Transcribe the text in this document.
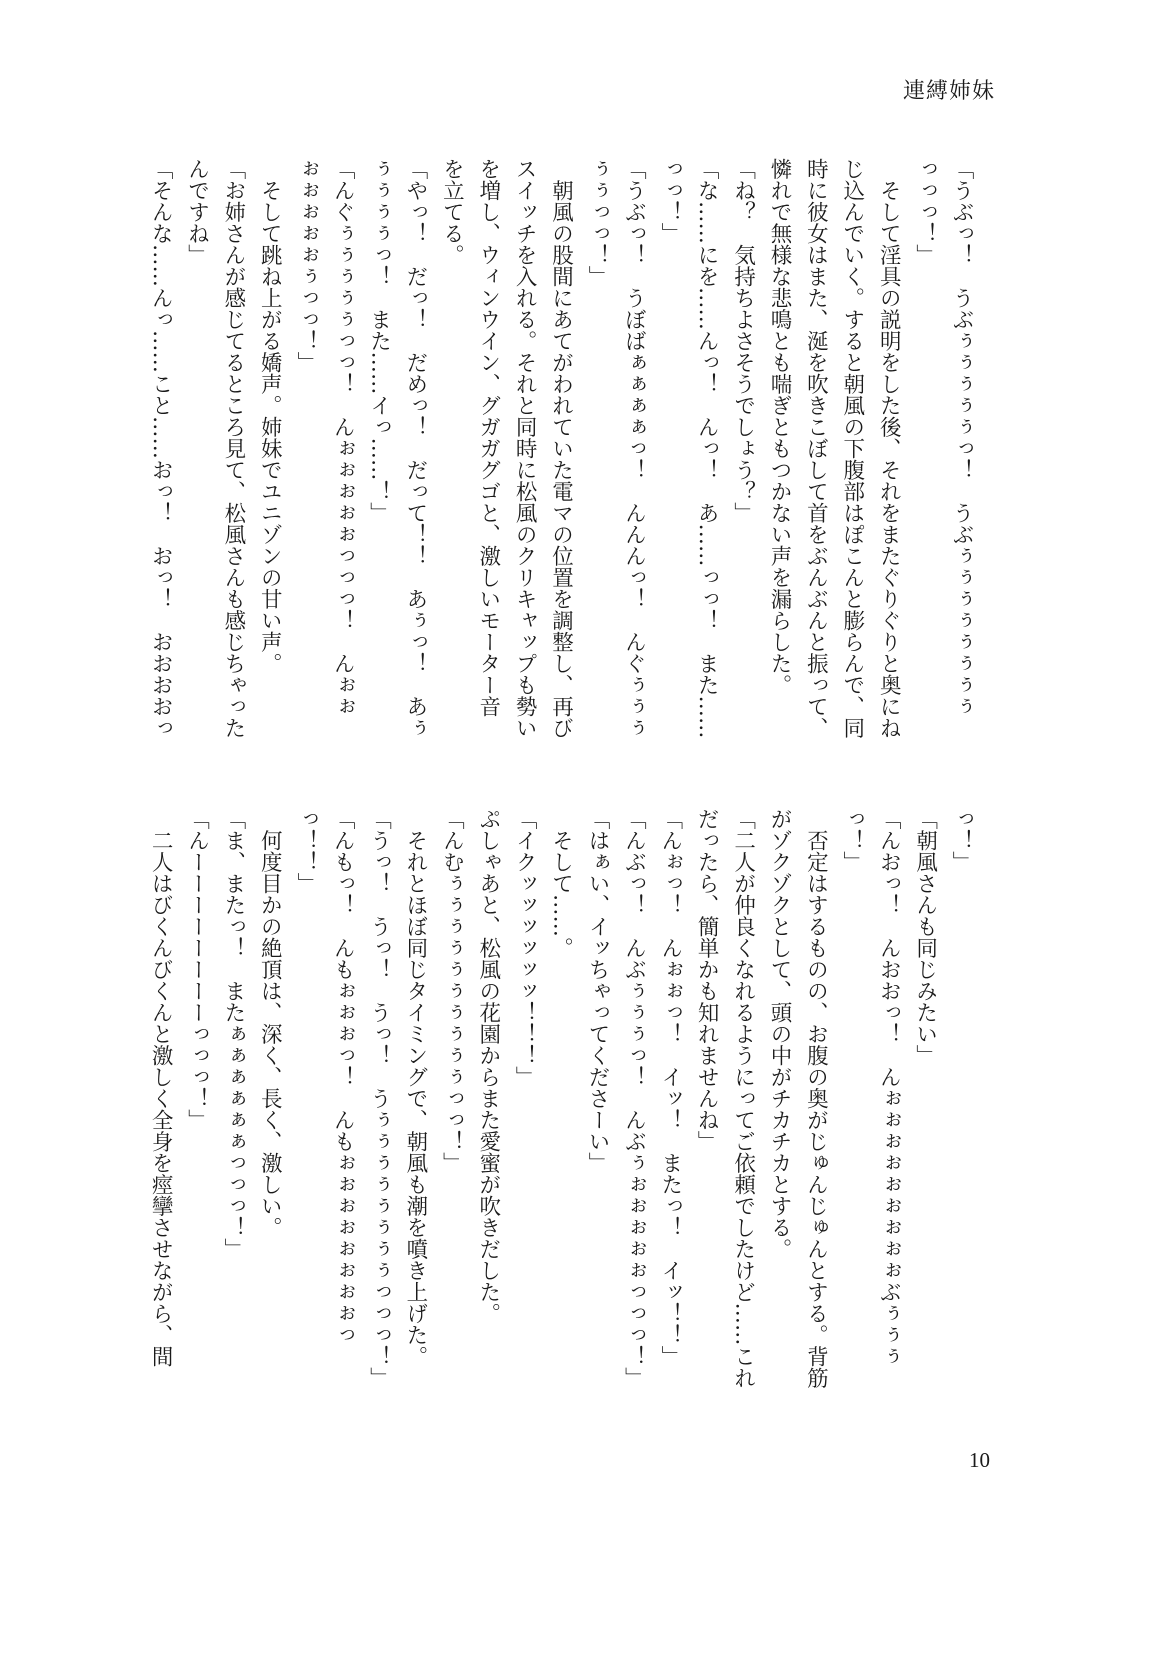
連縛姉妹

「うぶっ！　うぶぅぅぅぅぅっ！　うぶぅぅぅぅぅぅぅぅ

っっっ！」

　そして淫具の説明をした後、それをまたぐりぐりと奥にね

じ込んでいく。すると朝風の下腹部はぽこんと膨らんで、同

時に彼女はまた、涎を吹きこぼして首をぶんぶんと振って、

憐れで無様な悲鳴とも喘ぎともつかない声を漏らした。

「ね？　気持ちよさそうでしょう？」

「な……にを……んっ！　んっ！　あ……っっ！　また……

っっ！」

「うぶっ！　うぼばぁぁぁぁっ！　んんんっ！　んぐぅぅぅ

ぅぅっっ！」

　朝風の股間にあてがわれていた電マの位置を調整し、再び

スイッチを入れる。それと同時に松風のクリキャップも勢い

を増し、ウィンウイン、グガガグゴと、激しいモーター音

を立てる。

「やっ！　だっ！　だめっ！　だって！！　あぅっ！　あぅ

ぅぅぅぅっ！　また……イっ……！」

「んぐぅぅぅぅぅっっ！　んぉぉぉぉぉっっっ！　んぉぉ

ぉぉぉぉぉぅっっ！」

　そして跳ね上がる嬌声。姉妹でユニゾンの甘い声。

「お姉さんが感じてるところ見て、松風さんも感じちゃった

んですね」

「そんな……んっ……こと……おっ！　おっ！　おおおおっ

っ！」

「朝風さんも同じみたい」

「んおっ！　んおおっ！　んぉぉぉぉぉぉぉぉぉぶぅぅぅ

っ！」

　否定はするものの、お腹の奥がじゅんじゅんとする。背筋

がゾクゾクとして、頭の中がチカチカとする。

「二人が仲良くなれるようにってご依頼でしたけど……これ

だったら、簡単かも知れませんね」

「んぉっ！　んぉぉっ！　イッ！　またっ！　イッ！！」

「んぶっ！　んぶぅぅぅっ！　んぶぅぉぉぉぉぉっっっ！」

「はぁい、イッちゃってくださーい」

　そして……。

「イクッッッッッッ！！！」

ぷしゃあと、松風の花園からまた愛蜜が吹きだした。

「んむぅぅぅぅぅぅぅぅぅぅっっ！」

　それとほぼ同じタイミングで、朝風も潮を噴き上げた。

「うっ！　うっ！　うっ！　うぅぅぅぅぅぅぅぅっっっ！」

「んもっ！　んもぉぉぉっ！　んもぉぉぉぉぉぉぉぉっ

っ！！」

　何度目かの絶頂は、深く、長く、激しい。

「ま、またっ！　またぁぁぁぁぁぁっっっ！」

「んーーーーーーーーっっっ！」

　二人はびくんびくんと激しく全身を痙攣させながら、間

10
